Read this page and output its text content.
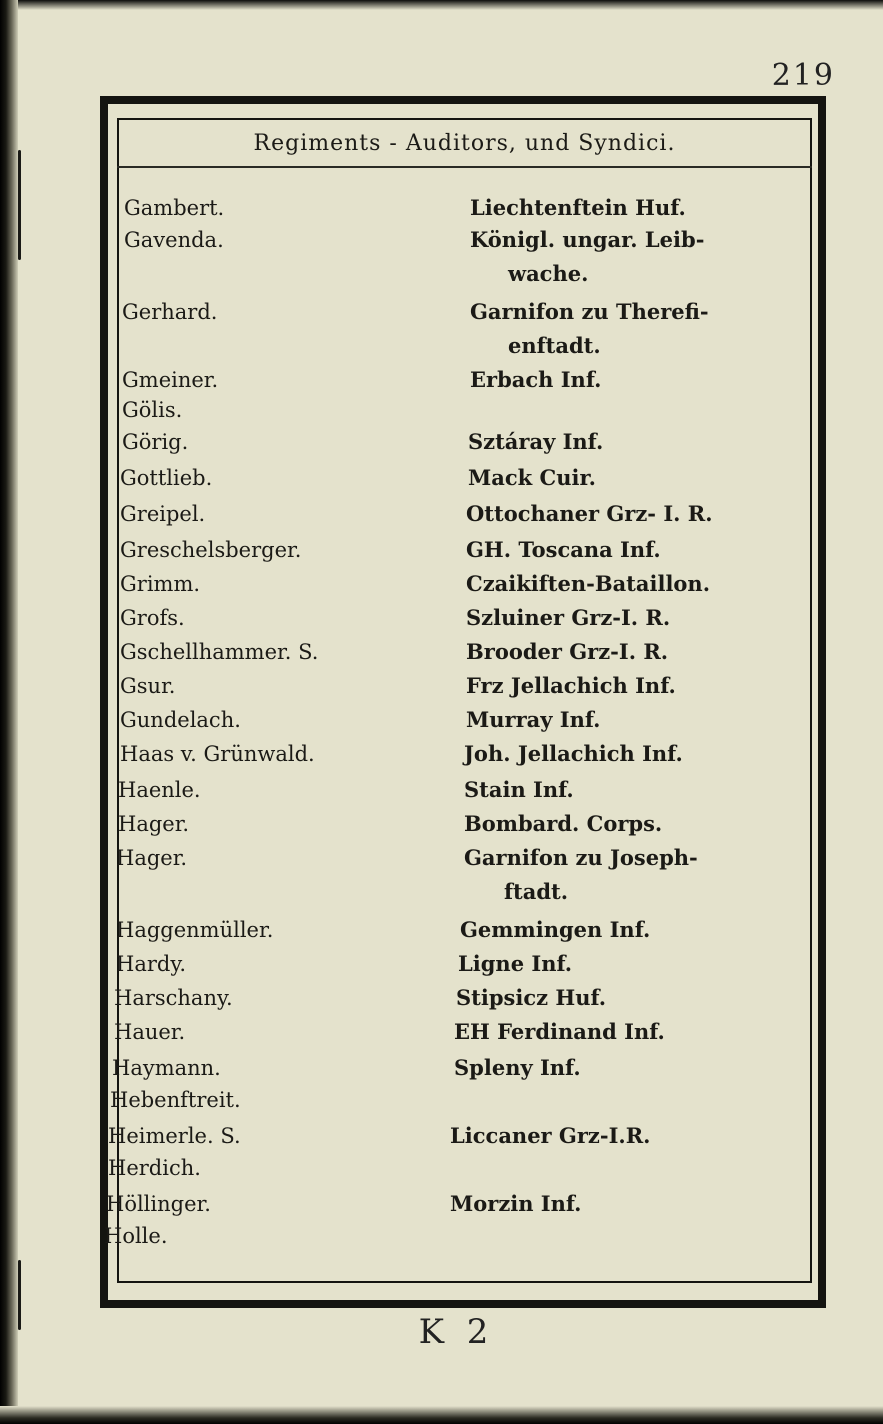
219
Regiments - Auditors, und Syndici.
Gambert.	Liechtenftein Huf.
Gavenda.	Königl. ungar. Leib-
wache.
Gerhard.	Garnifon zu Therefi-
enftadt.
Gmeiner.	Erbach Inf.
Gölis.
Görig.	Sztáray Inf.
Gottlieb.	Mack Cuir.
Greipel.	Ottochaner Grz- I. R.
Greschelsberger.	GH. Toscana Inf.
Grimm.	Czaikiften-Bataillon.
Grofs.	Szluiner Grz-I. R.
Gschellhammer. S.	Brooder Grz-I. R.
Gsur.	Frz Jellachich Inf.
Gundelach.	Murray Inf.
Haas v. Grünwald.	Joh. Jellachich Inf.
Haenle.	Stain Inf.
Hager.	Bombard. Corps.
Hager.	Garnifon zu Joseph-
ftadt.
Haggenmüller.	Gemmingen Inf.
Hardy.	Ligne Inf.
Harschany.	Stipsicz Huf.
Hauer.	EH Ferdinand Inf.
Haymann.	Spleny Inf.
Hebenftreit.
Heimerle. S.	Liccaner Grz-I.R.
Herdich.
Höllinger.	Morzin Inf.
Holle.
K 2
